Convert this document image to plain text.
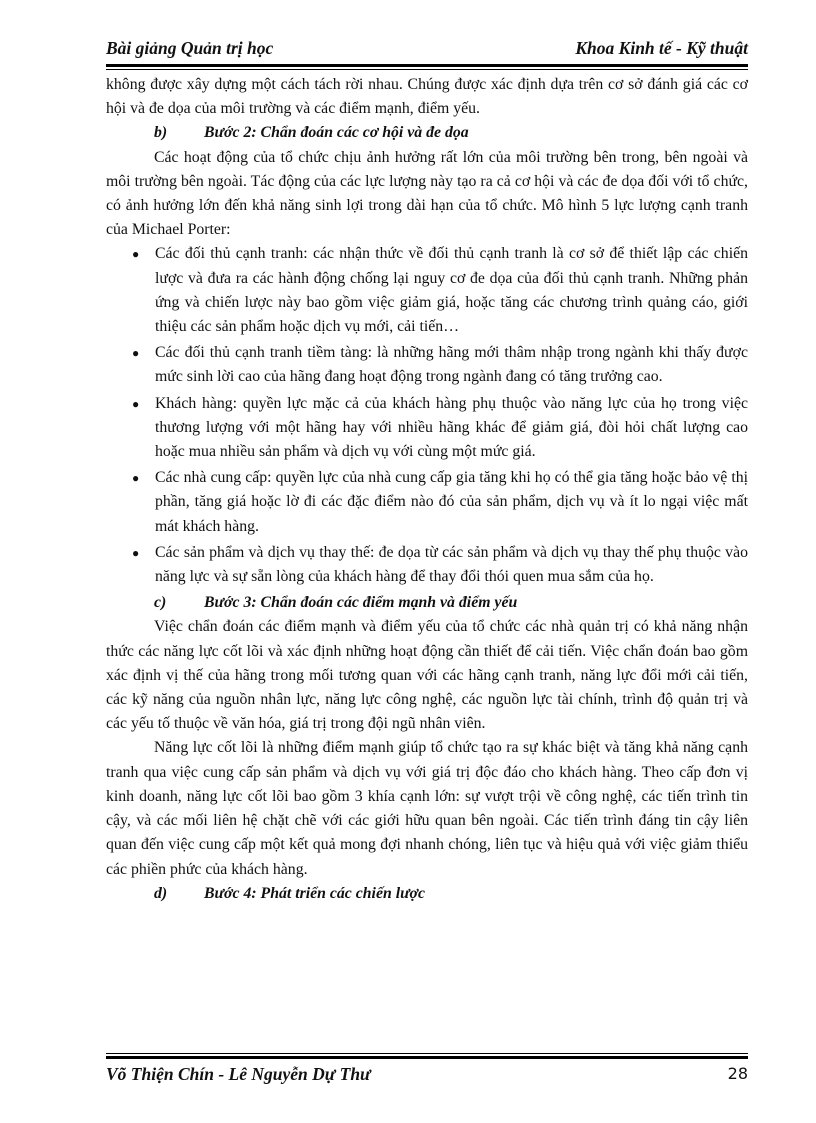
Bài giảng Quản trị học	Khoa Kinh tế - Kỹ thuật

không được xây dựng một cách tách rời nhau. Chúng được xác định dựa trên cơ sở đánh giá các cơ hội và đe dọa của môi trường và các điểm mạnh, điểm yếu.

b) Bước 2: Chẩn đoán các cơ hội và đe dọa

Các hoạt động của tổ chức chịu ảnh hưởng rất lớn của môi trường bên trong, bên ngoài và môi trường bên ngoài. Tác động của các lực lượng này tạo ra cả cơ hội và các đe dọa đối với tổ chức, có ảnh hưởng lớn đến khả năng sinh lợi trong dài hạn của tổ chức. Mô hình 5 lực lượng cạnh tranh của Michael Porter:

● Các đối thủ cạnh tranh: các nhận thức về đối thủ cạnh tranh là cơ sở để thiết lập các chiến lược và đưa ra các hành động chống lại nguy cơ đe dọa của đối thủ cạnh tranh. Những phản ứng và chiến lược này bao gồm việc giảm giá, hoặc tăng các chương trình quảng cáo, giới thiệu các sản phẩm hoặc dịch vụ mới, cải tiến…
● Các đối thủ cạnh tranh tiềm tàng: là những hãng mới thâm nhập trong ngành khi thấy được mức sinh lời cao của hãng đang hoạt động trong ngành đang có tăng trưởng cao.
● Khách hàng: quyền lực mặc cả của khách hàng phụ thuộc vào năng lực của họ trong việc thương lượng với một hãng hay với nhiều hãng khác để giảm giá, đòi hỏi chất lượng cao hoặc mua nhiều sản phẩm và dịch vụ với cùng một mức giá.
● Các nhà cung cấp: quyền lực của nhà cung cấp gia tăng khi họ có thể gia tăng hoặc bảo vệ thị phần, tăng giá hoặc lờ đi các đặc điểm nào đó của sản phẩm, dịch vụ và ít lo ngại việc mất mát khách hàng.
● Các sản phẩm và dịch vụ thay thế: đe dọa từ các sản phẩm và dịch vụ thay thế phụ thuộc vào năng lực và sự sẵn lòng của khách hàng để thay đổi thói quen mua sắm của họ.

c) Bước 3: Chẩn đoán các điểm mạnh và điểm yếu

Việc chẩn đoán các điểm mạnh và điểm yếu của tổ chức các nhà quản trị có khả năng nhận thức các năng lực cốt lõi và xác định những hoạt động cần thiết để cải tiến. Việc chẩn đoán bao gồm xác định vị thế của hãng trong mối tương quan với các hãng cạnh tranh, năng lực đổi mới cải tiến, các kỹ năng của nguồn nhân lực, năng lực công nghệ, các nguồn lực tài chính, trình độ quản trị và các yếu tố thuộc về văn hóa, giá trị trong đội ngũ nhân viên.

Năng lực cốt lõi là những điểm mạnh giúp tổ chức tạo ra sự khác biệt và tăng khả năng cạnh tranh qua việc cung cấp sản phẩm và dịch vụ với giá trị độc đáo cho khách hàng. Theo cấp đơn vị kinh doanh, năng lực cốt lõi bao gồm 3 khía cạnh lớn: sự vượt trội về công nghệ, các tiến trình tin cậy, và các mối liên hệ chặt chẽ với các giới hữu quan bên ngoài. Các tiến trình đáng tin cậy liên quan đến việc cung cấp một kết quả mong đợi nhanh chóng, liên tục và hiệu quả với việc giảm thiểu các phiền phức của khách hàng.

d) Bước 4: Phát triển các chiến lược

Võ Thiện Chín - Lê Nguyễn Dự Thư	28
